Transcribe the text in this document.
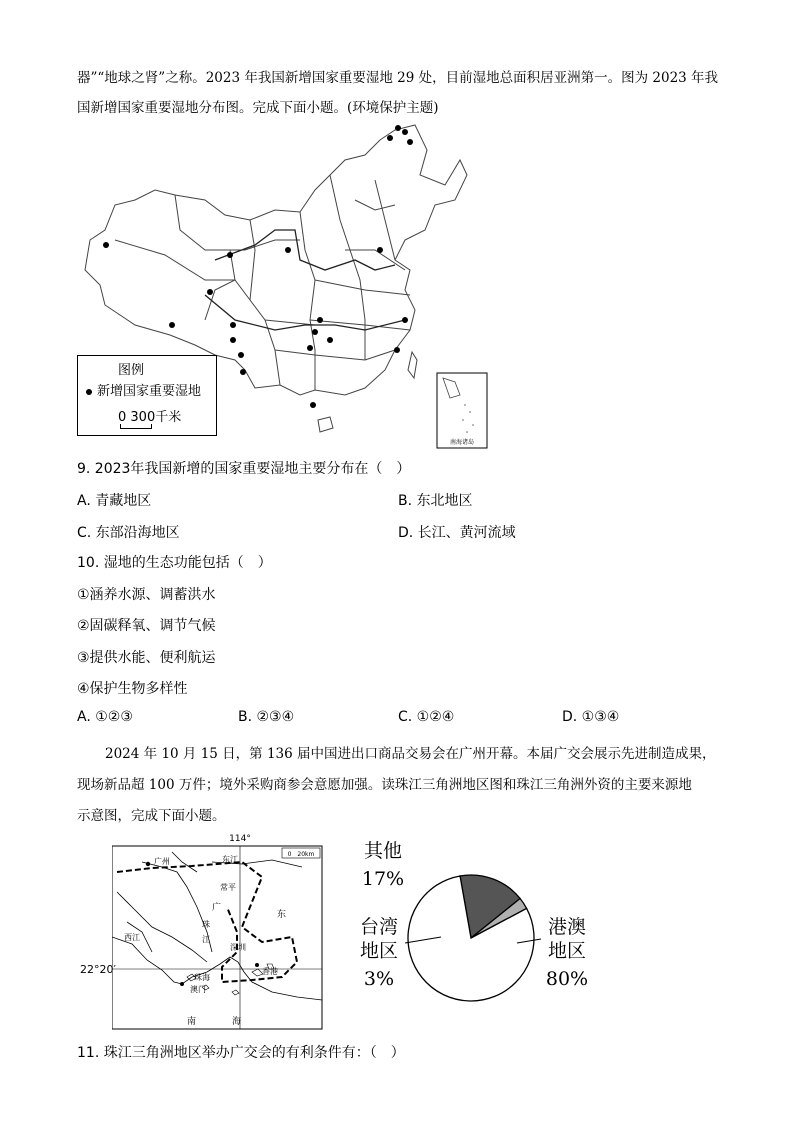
器”“地球之肾”之称。2023 年我国新增国家重要湿地 29 处，目前湿地总面积居亚洲第一。图为 2023 年我
国新增国家重要湿地分布图。完成下面小题。(环境保护主题)
南海诸岛
图例
新增国家重要湿地
0 300千米
9. 2023年我国新增的国家重要湿地主要分布在（　）
A. 青藏地区	B. 东北地区
C. 东部沿海地区	D. 长江、黄河流域
10. 湿地的生态功能包括（　）
①涵养水源、调蓄洪水
②固碳释氧、调节气候
③提供水能、便利航运
④保护生物多样性
A. ①②③	B. ②③④	C. ①②④	D. ①③④
2024 年 10 月 15 日，第 136 届中国进出口商品交易会在广州开幕。本届广交会展示先进制造成果，
现场新品超 100 万件；境外采购商参会意愿加强。读珠江三角洲地区图和珠江三角洲外资的主要来源地
示意图，完成下面小题。
114°
0　20km
广州	东江
常平
广
东
珠
江
西江
深圳
珠海
澳门
香港
南	海
22°20′
其他
17%
台湾
地区
3%
港澳
地区
80%
11. 珠江三角洲地区举办广交会的有利条件有：（　）
